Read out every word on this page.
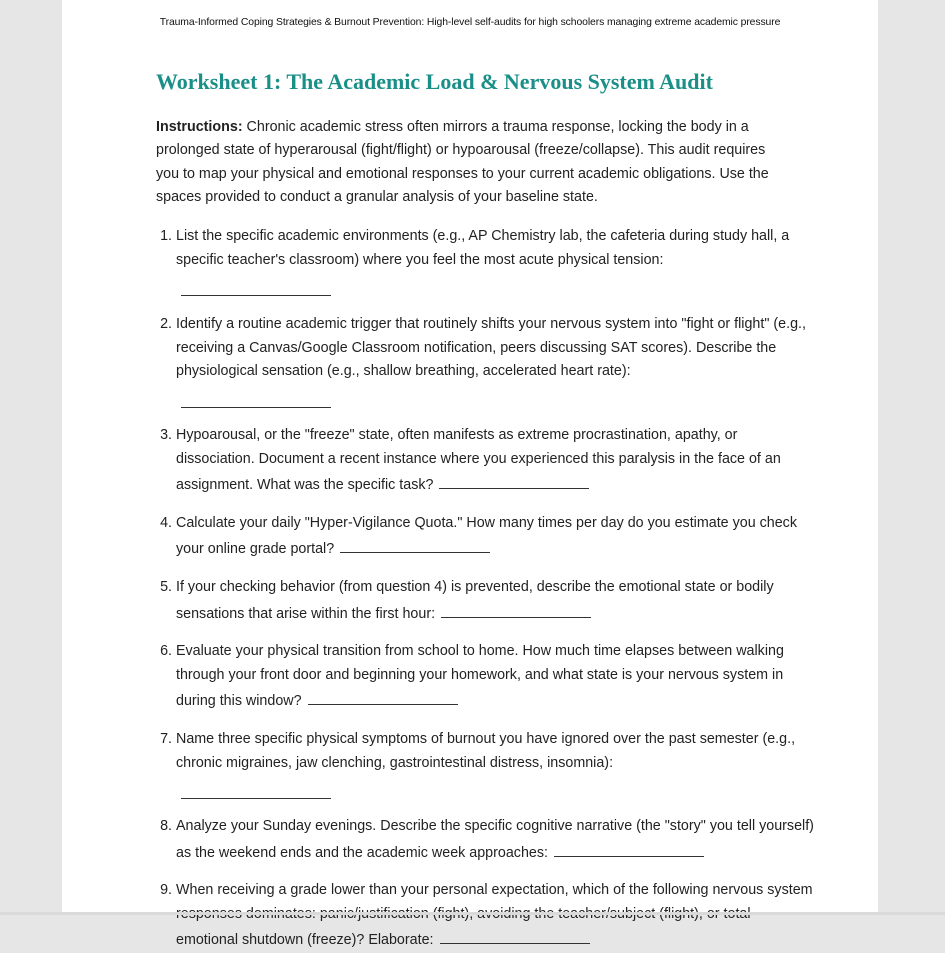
Trauma-Informed Coping Strategies & Burnout Prevention: High-level self-audits for high schoolers managing extreme academic pressure
Worksheet 1: The Academic Load & Nervous System Audit

Instructions: Chronic academic stress often mirrors a trauma response, locking the body in a prolonged state of hyperarousal (fight/flight) or hypoarousal (freeze/collapse). This audit requires you to map your physical and emotional responses to your current academic obligations. Use the spaces provided to conduct a granular analysis of your baseline state.

1. List the specific academic environments (e.g., AP Chemistry lab, the cafeteria during study hall, a specific teacher's classroom) where you feel the most acute physical tension:
2. Identify a routine academic trigger that routinely shifts your nervous system into "fight or flight" (e.g., receiving a Canvas/Google Classroom notification, peers discussing SAT scores). Describe the physiological sensation (e.g., shallow breathing, accelerated heart rate):
3. Hypoarousal, or the "freeze" state, often manifests as extreme procrastination, apathy, or dissociation. Document a recent instance where you experienced this paralysis in the face of an assignment. What was the specific task?
4. Calculate your daily "Hyper-Vigilance Quota." How many times per day do you estimate you check your online grade portal?
5. If your checking behavior (from question 4) is prevented, describe the emotional state or bodily sensations that arise within the first hour:
6. Evaluate your physical transition from school to home. How much time elapses between walking through your front door and beginning your homework, and what state is your nervous system in during this window?
7. Name three specific physical symptoms of burnout you have ignored over the past semester (e.g., chronic migraines, jaw clenching, gastrointestinal distress, insomnia):
8. Analyze your Sunday evenings. Describe the specific cognitive narrative (the "story" you tell yourself) as the weekend ends and the academic week approaches:
9. When receiving a grade lower than your personal expectation, which of the following nervous system emotional shutdown (freeze)? Elaborate:
